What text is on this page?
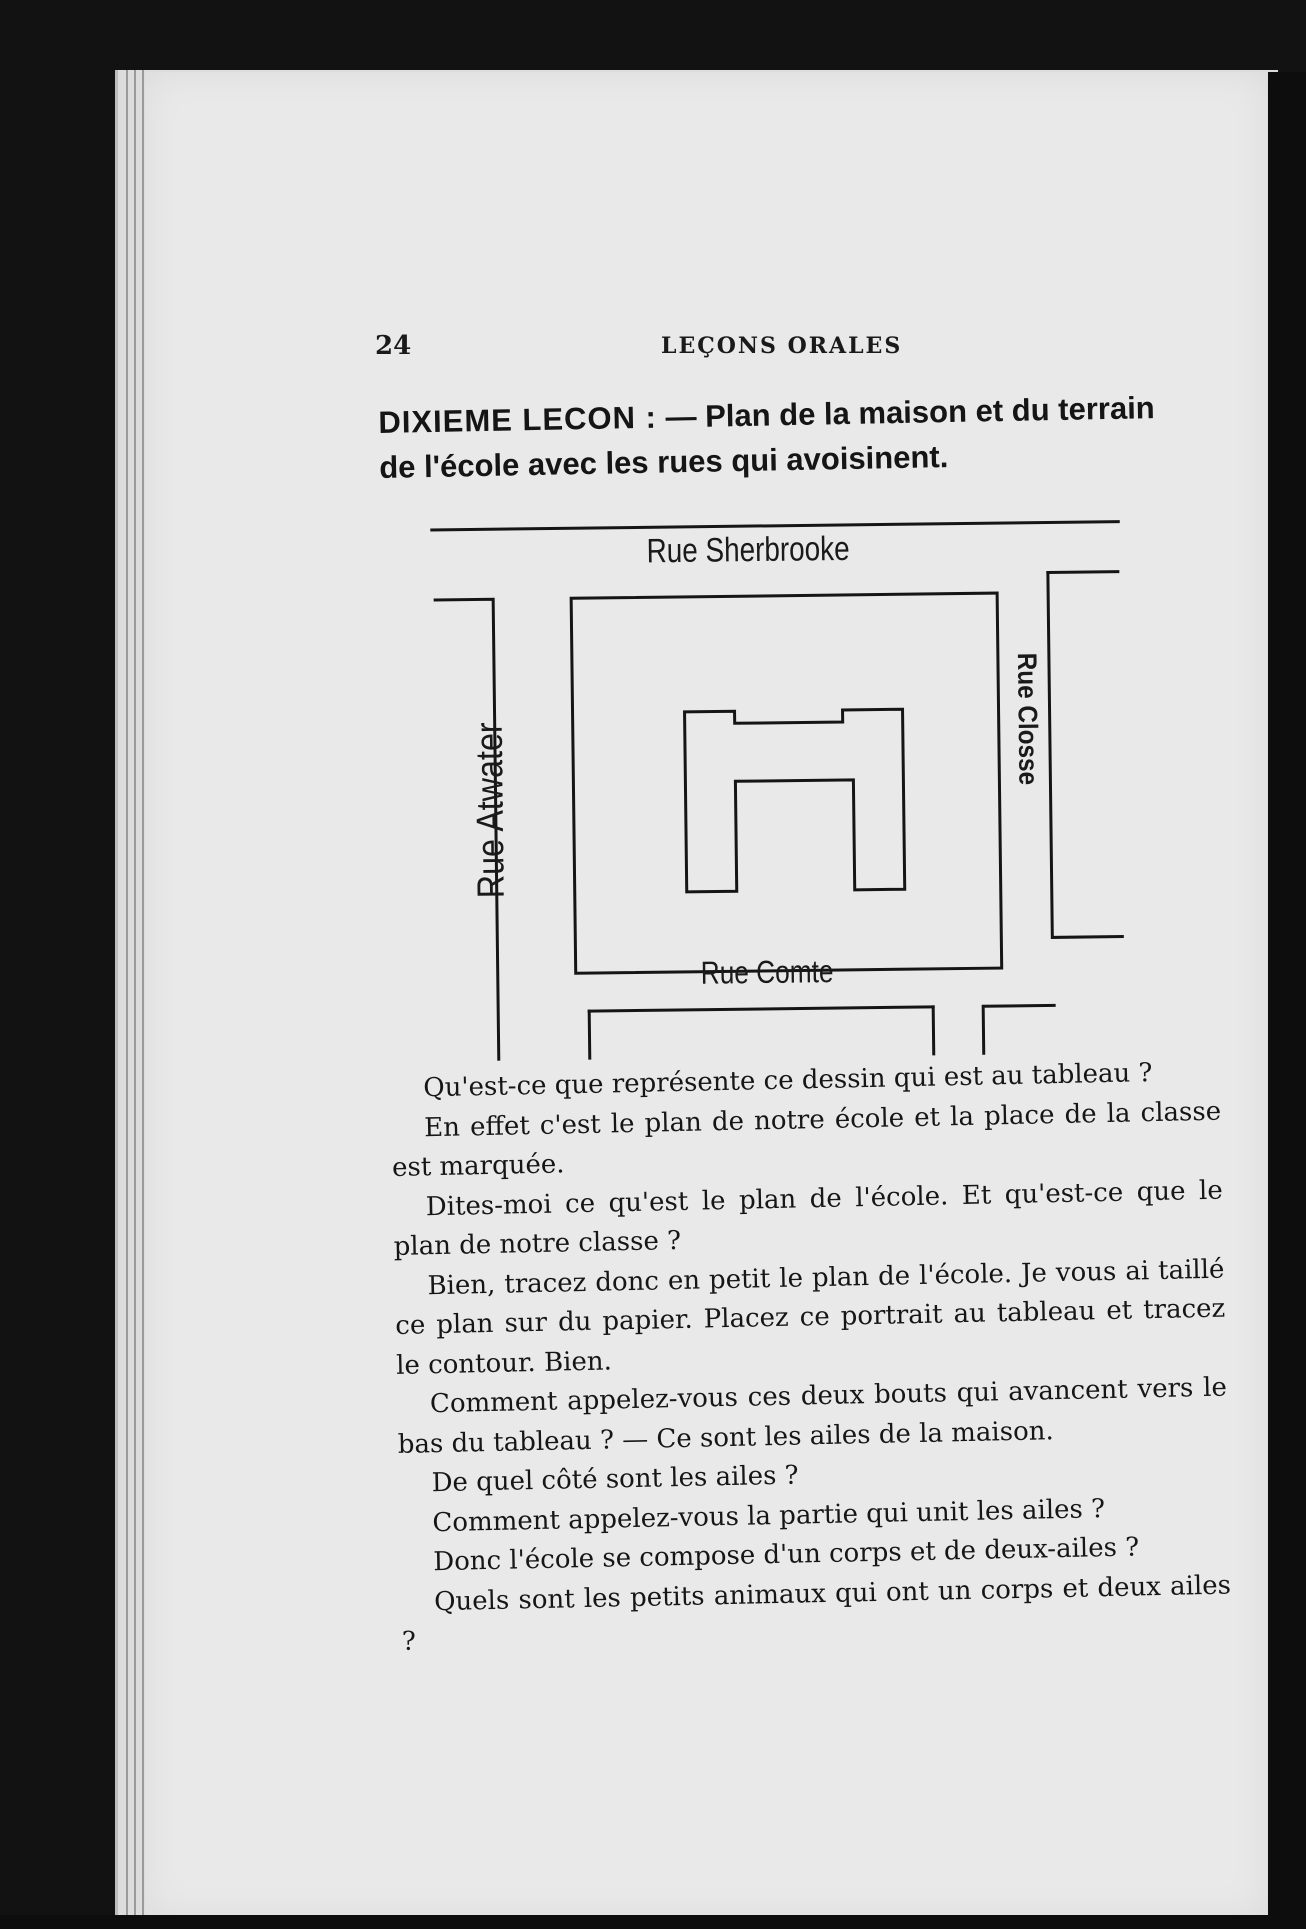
24	LEÇONS ORALES
DIXIEME LECON : — Plan de la maison et du terrain de l'école avec les rues qui avoisinent.
Rue Sherbrooke
Rue Atwater
Rue Closse
Rue Comte

Qu'est-ce que représente ce dessin qui est au tableau ?

En effet c'est le plan de notre école et la place de la classe est marquée.

Dites-moi ce qu'est le plan de l'école. Et qu'est-ce que le plan de notre classe ?

Bien, tracez donc en petit le plan de l'école. Je vous ai taillé ce plan sur du papier. Placez ce portrait au tableau et tracez le contour. Bien.

Comment appelez-vous ces deux bouts qui avancent vers le bas du tableau ? — Ce sont les ailes de la maison.

De quel côté sont les ailes ?

Comment appelez-vous la partie qui unit les ailes ?

Donc l'école se compose d'un corps et de deux-ailes ?

Quels sont les petits animaux qui ont un corps et deux ailes ?
